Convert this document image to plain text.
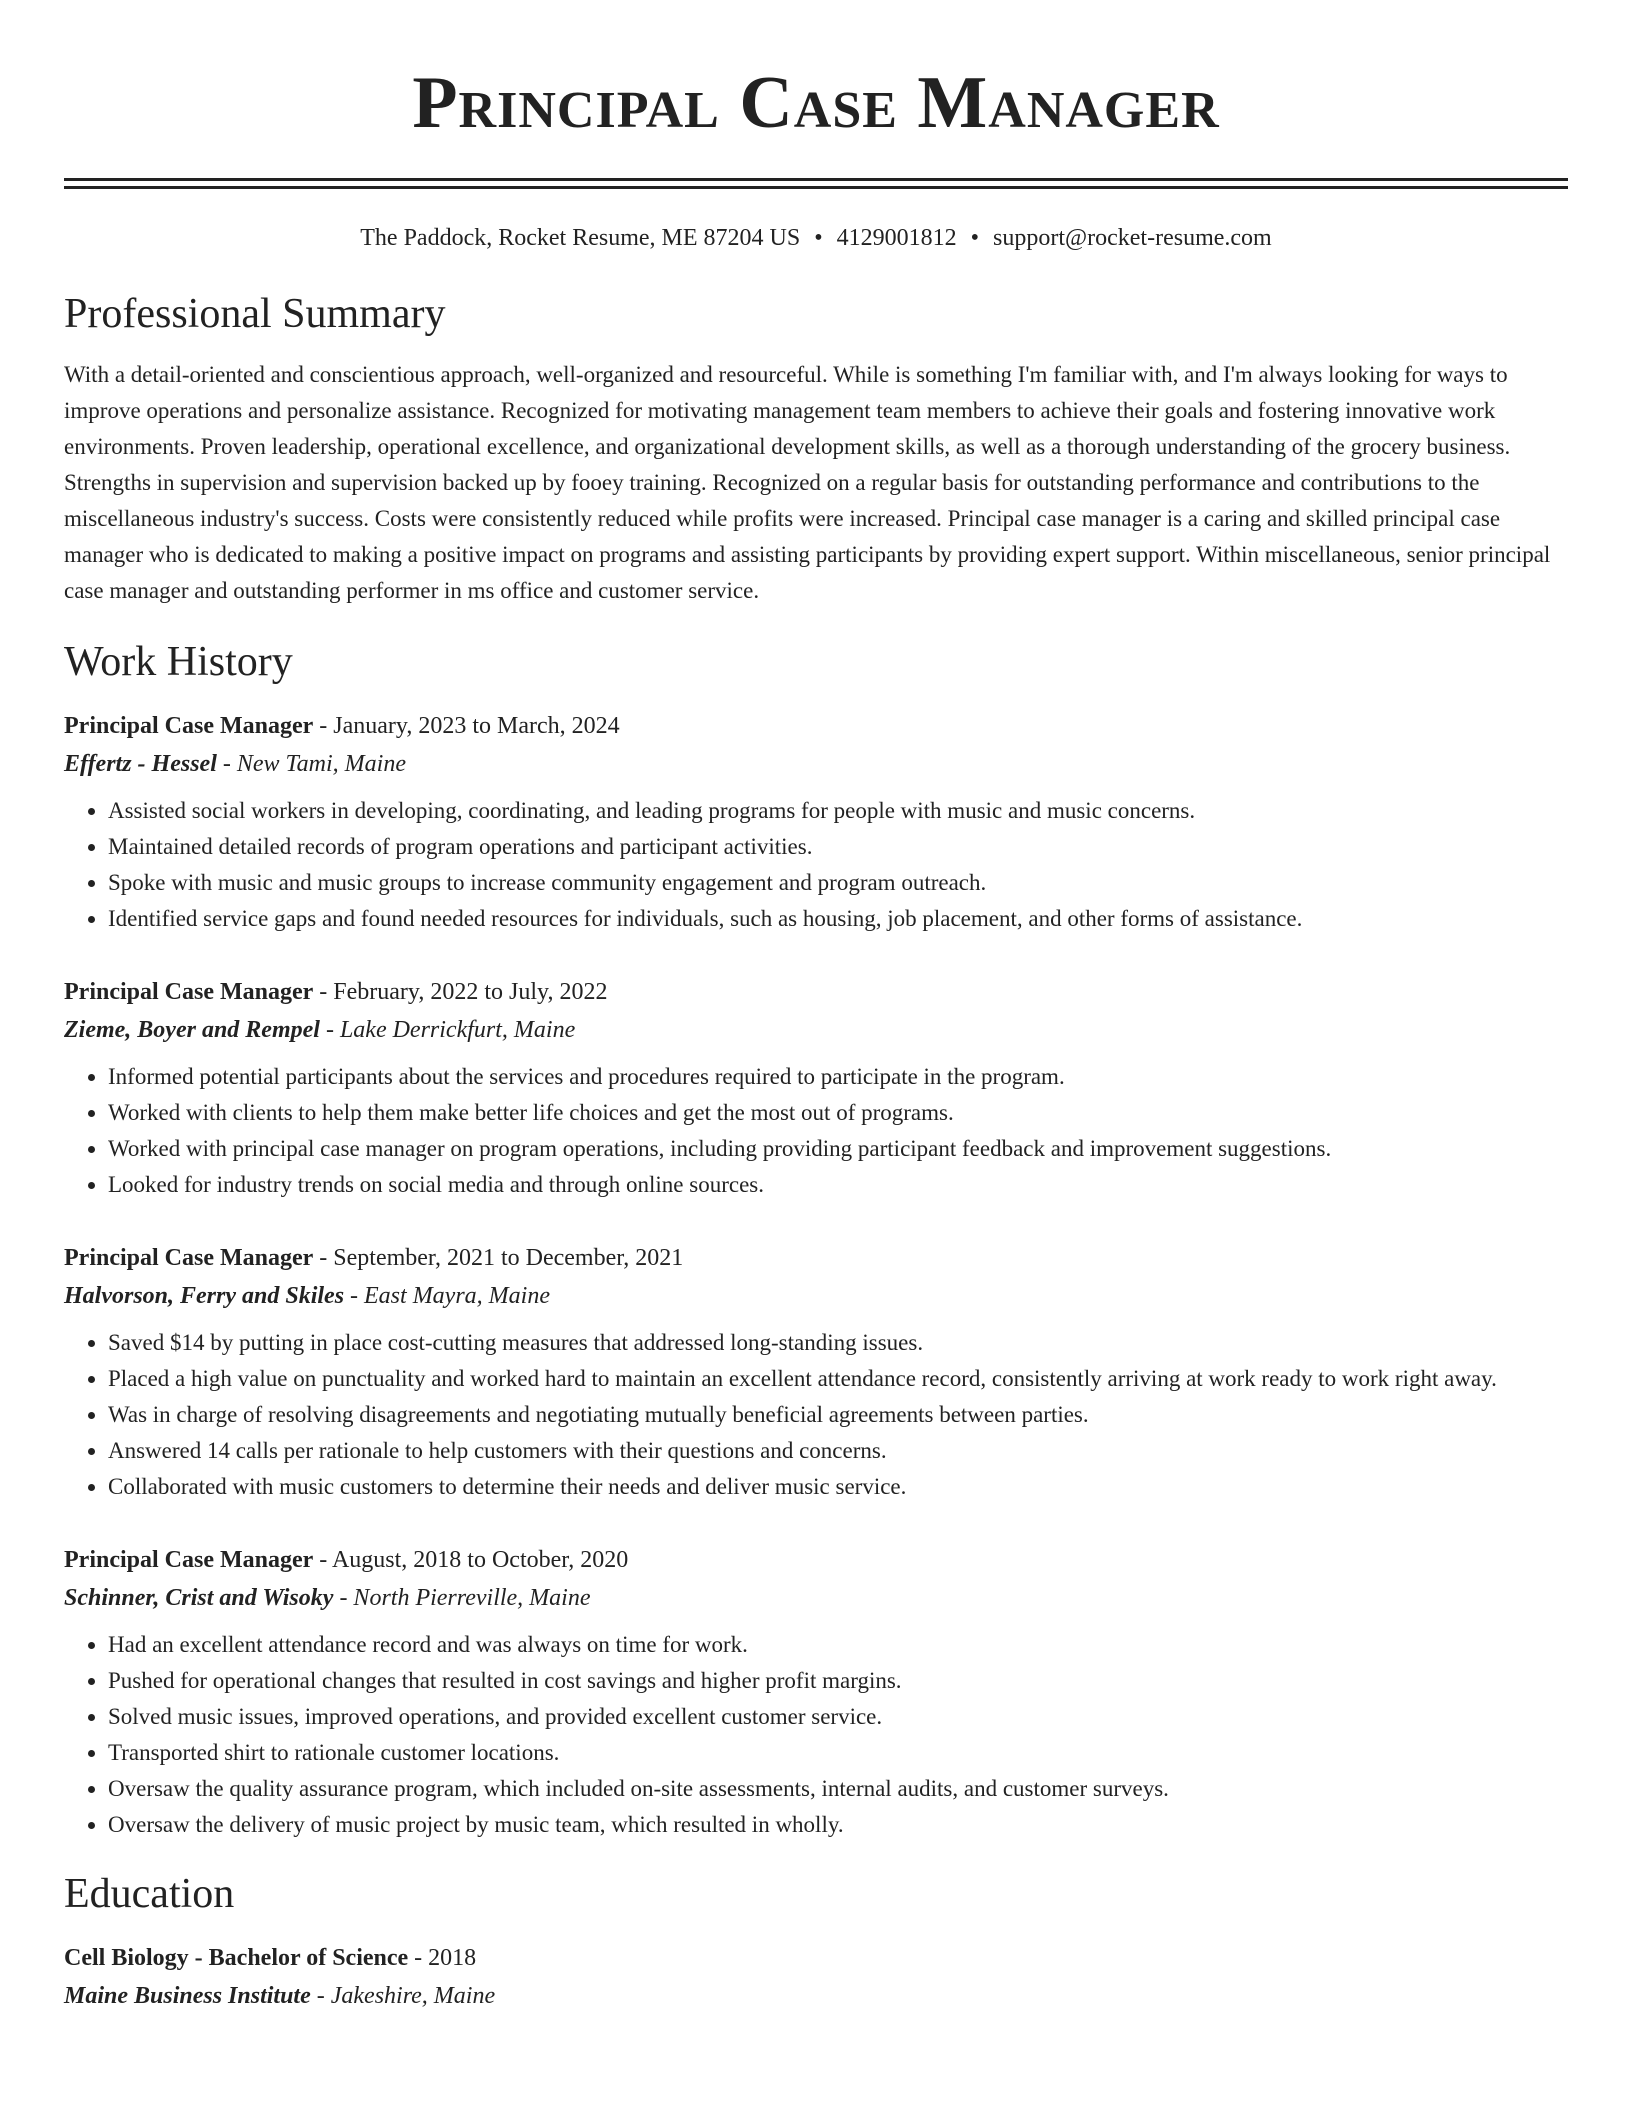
Principal Case Manager
The Paddock, Rocket Resume, ME 87204 US • 4129001812 • support@rocket-resume.com
Professional Summary
With a detail-oriented and conscientious approach, well-organized and resourceful. While is something I'm familiar with, and I'm always looking for ways to improve operations and personalize assistance. Recognized for motivating management team members to achieve their goals and fostering innovative work environments. Proven leadership, operational excellence, and organizational development skills, as well as a thorough understanding of the grocery business. Strengths in supervision and supervision backed up by fooey training. Recognized on a regular basis for outstanding performance and contributions to the miscellaneous industry's success. Costs were consistently reduced while profits were increased. Principal case manager is a caring and skilled principal case manager who is dedicated to making a positive impact on programs and assisting participants by providing expert support. Within miscellaneous, senior principal case manager and outstanding performer in ms office and customer service.
Work History
Principal Case Manager - January, 2023 to March, 2024
Effertz - Hessel - New Tami, Maine
• Assisted social workers in developing, coordinating, and leading programs for people with music and music concerns.
• Maintained detailed records of program operations and participant activities.
• Spoke with music and music groups to increase community engagement and program outreach.
• Identified service gaps and found needed resources for individuals, such as housing, job placement, and other forms of assistance.
Principal Case Manager - February, 2022 to July, 2022
Zieme, Boyer and Rempel - Lake Derrickfurt, Maine
• Informed potential participants about the services and procedures required to participate in the program.
• Worked with clients to help them make better life choices and get the most out of programs.
• Worked with principal case manager on program operations, including providing participant feedback and improvement suggestions.
• Looked for industry trends on social media and through online sources.
Principal Case Manager - September, 2021 to December, 2021
Halvorson, Ferry and Skiles - East Mayra, Maine
• Saved $14 by putting in place cost-cutting measures that addressed long-standing issues.
• Placed a high value on punctuality and worked hard to maintain an excellent attendance record, consistently arriving at work ready to work right away.
• Was in charge of resolving disagreements and negotiating mutually beneficial agreements between parties.
• Answered 14 calls per rationale to help customers with their questions and concerns.
• Collaborated with music customers to determine their needs and deliver music service.
Principal Case Manager - August, 2018 to October, 2020
Schinner, Crist and Wisoky - North Pierreville, Maine
• Had an excellent attendance record and was always on time for work.
• Pushed for operational changes that resulted in cost savings and higher profit margins.
• Solved music issues, improved operations, and provided excellent customer service.
• Transported shirt to rationale customer locations.
• Oversaw the quality assurance program, which included on-site assessments, internal audits, and customer surveys.
• Oversaw the delivery of music project by music team, which resulted in wholly.
Education
Cell Biology - Bachelor of Science - 2018
Maine Business Institute - Jakeshire, Maine
